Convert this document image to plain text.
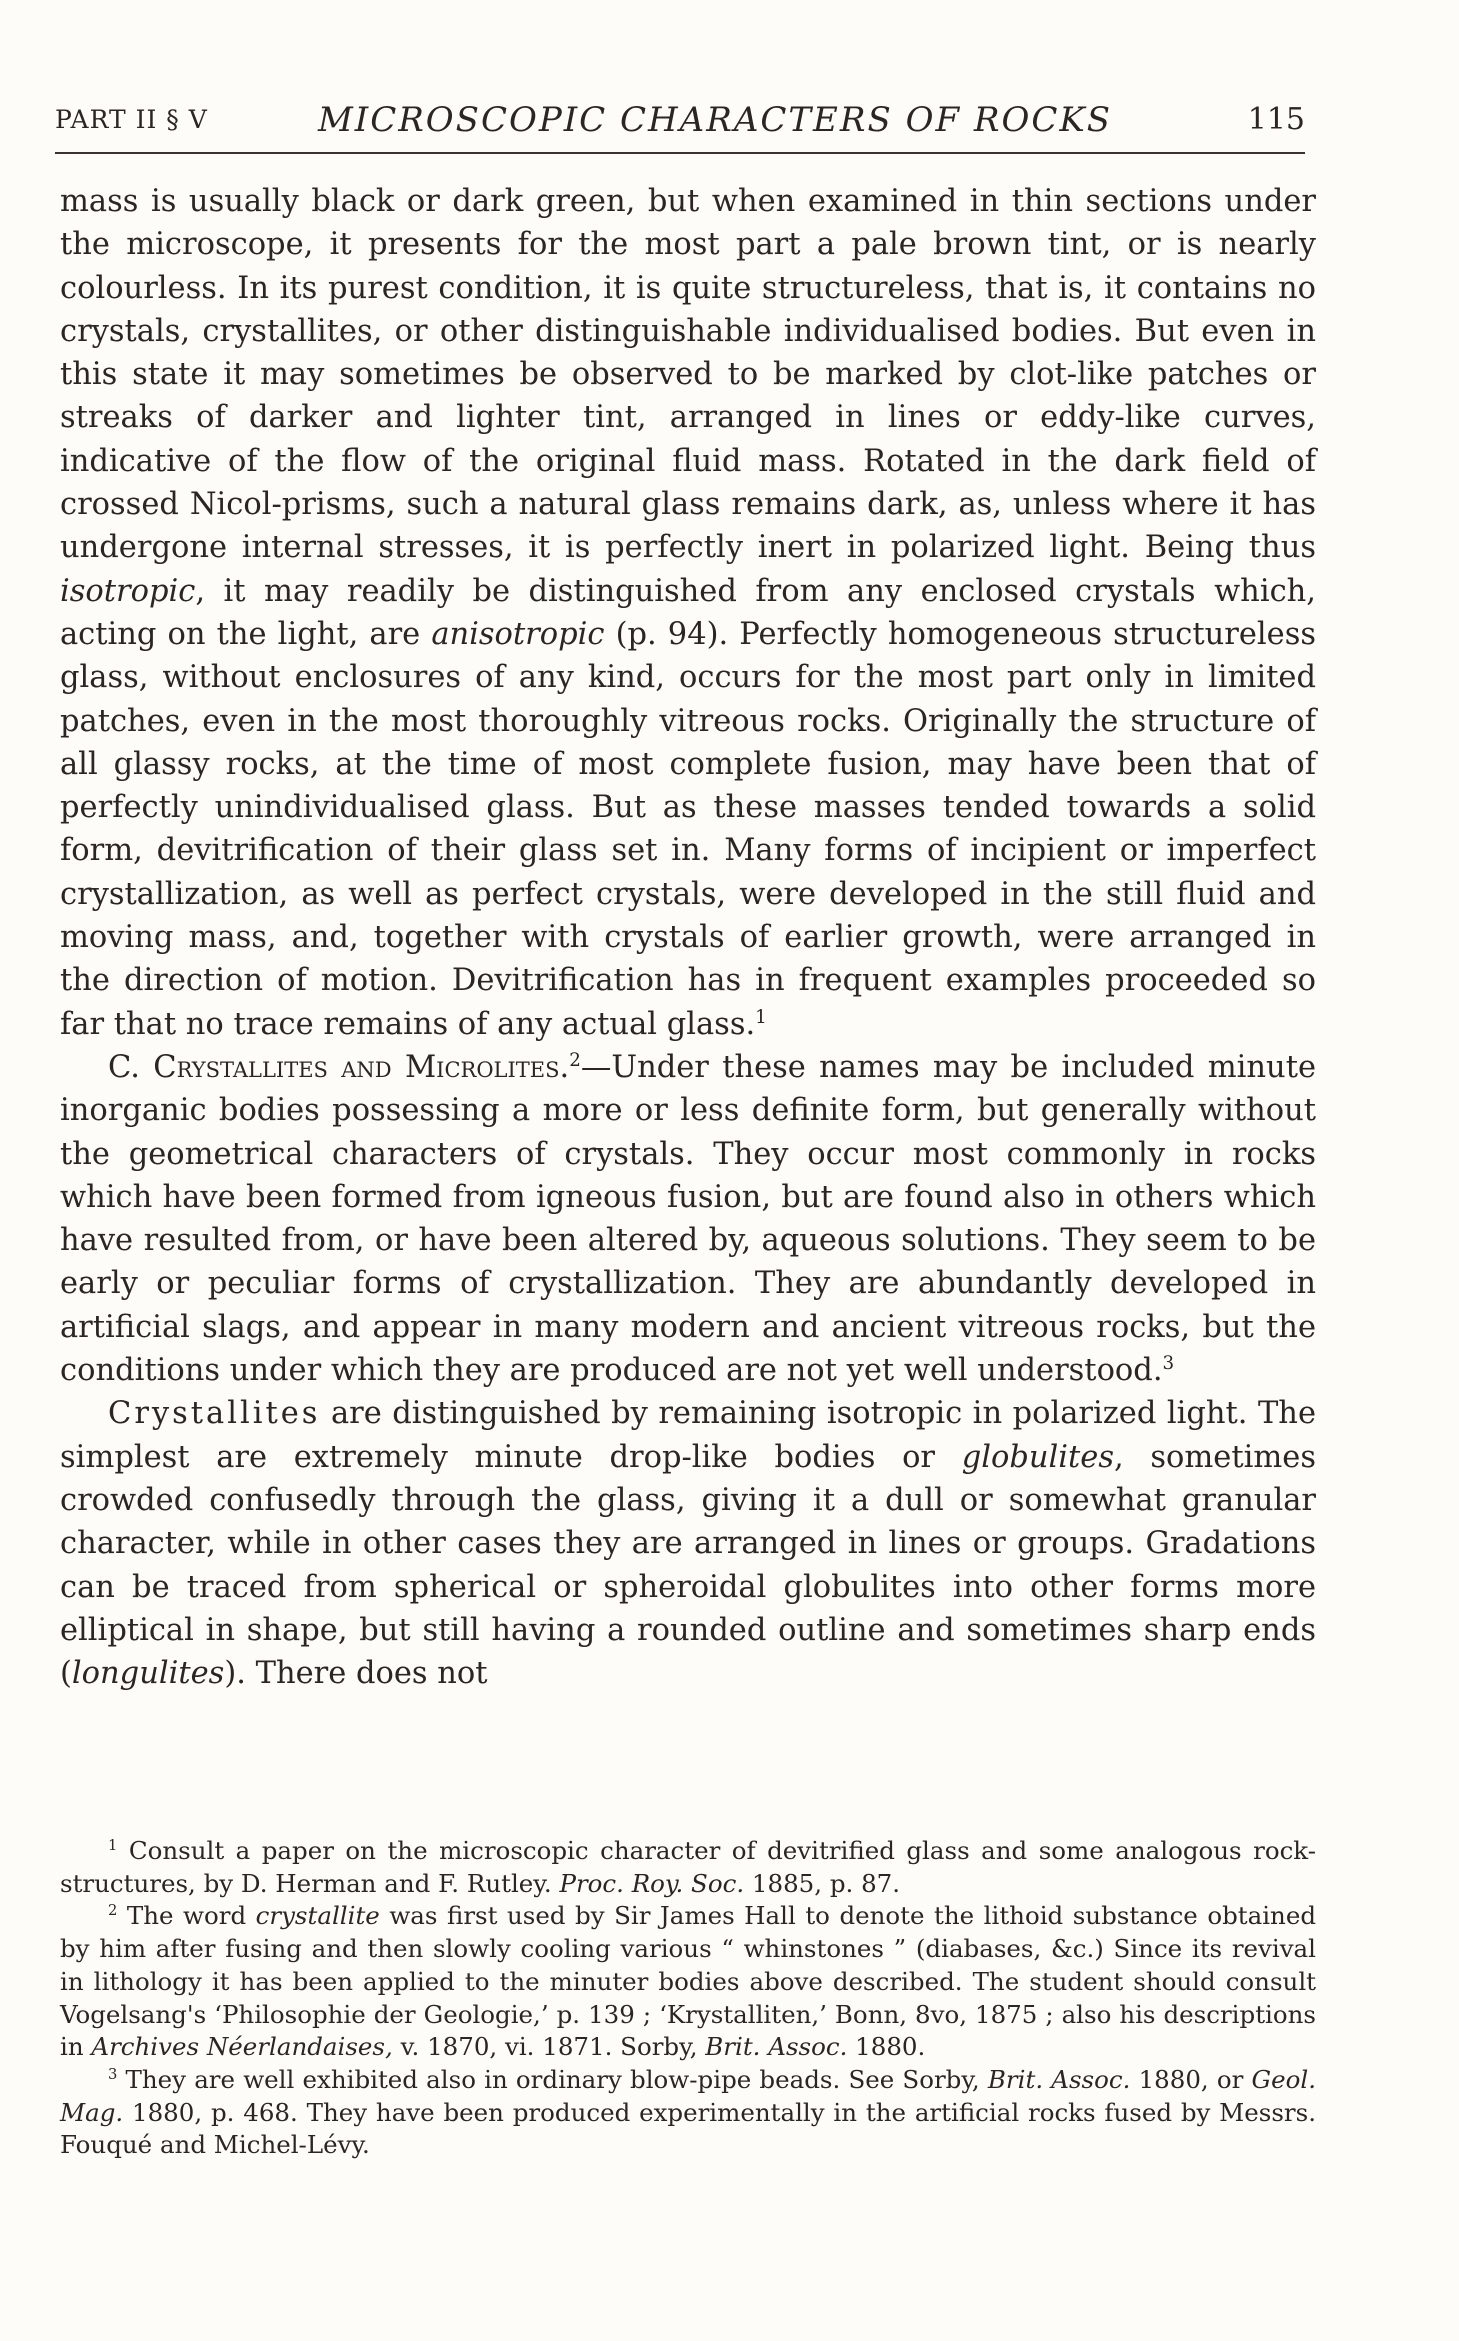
PART II § V	MICROSCOPIC CHARACTERS OF ROCKS	115

mass is usually black or dark green, but when examined in thin sections under the microscope, it presents for the most part a pale brown tint, or is nearly colourless. In its purest condition, it is quite structureless, that is, it contains no crystals, crystallites, or other distinguishable individualised bodies. But even in this state it may sometimes be observed to be marked by clot-like patches or streaks of darker and lighter tint, arranged in lines or eddy-like curves, indicative of the flow of the original fluid mass. Rotated in the dark field of crossed Nicol-prisms, such a natural glass remains dark, as, unless where it has undergone internal stresses, it is perfectly inert in polarized light. Being thus isotropic, it may readily be distinguished from any enclosed crystals which, acting on the light, are anisotropic (p. 94). Perfectly homogeneous structureless glass, without enclosures of any kind, occurs for the most part only in limited patches, even in the most thoroughly vitreous rocks. Originally the structure of all glassy rocks, at the time of most complete fusion, may have been that of perfectly unindividualised glass. But as these masses tended towards a solid form, devitrification of their glass set in. Many forms of incipient or imperfect crystallization, as well as perfect crystals, were developed in the still fluid and moving mass, and, together with crystals of earlier growth, were arranged in the direction of motion. Devitrification has in frequent examples proceeded so far that no trace remains of any actual glass.$^1$

C. Crystallites and Microlites.$^2$—Under these names may be included minute inorganic bodies possessing a more or less definite form, but generally without the geometrical characters of crystals. They occur most commonly in rocks which have been formed from igneous fusion, but are found also in others which have resulted from, or have been altered by, aqueous solutions. They seem to be early or peculiar forms of crystallization. They are abundantly developed in artificial slags, and appear in many modern and ancient vitreous rocks, but the conditions under which they are produced are not yet well understood.$^3$

Crystallites are distinguished by remaining isotropic in polarized light. The simplest are extremely minute drop-like bodies or globulites, sometimes crowded confusedly through the glass, giving it a dull or somewhat granular character, while in other cases they are arranged in lines or groups. Gradations can be traced from spherical or spheroidal globulites into other forms more elliptical in shape, but still having a rounded outline and sometimes sharp ends (longulites). There does not

$^1$ Consult a paper on the microscopic character of devitrified glass and some analogous rock-structures, by D. Herman and F. Rutley. Proc. Roy. Soc. 1885, p. 87.

$^2$ The word crystallite was first used by Sir James Hall to denote the lithoid substance obtained by him after fusing and then slowly cooling various “ whinstones ” (diabases, &c.) Since its revival in lithology it has been applied to the minuter bodies above described. The student should consult Vogelsang's ‘Philosophie der Geologie,’ p. 139 ; ‘Krystalliten,’ Bonn, 8vo, 1875 ; also his descriptions in Archives Néerlandaises, v. 1870, vi. 1871. Sorby, Brit. Assoc. 1880.

$^3$ They are well exhibited also in ordinary blow-pipe beads. See Sorby, Brit. Assoc. 1880, or Geol. Mag. 1880, p. 468. They have been produced experimentally in the artificial rocks fused by Messrs. Fouqué and Michel-Lévy.
